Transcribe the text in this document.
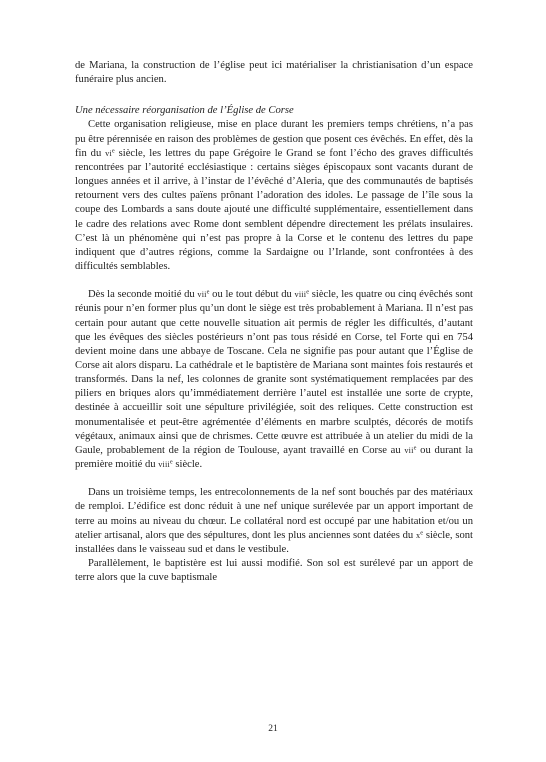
de Mariana, la construction de l’église peut ici matérialiser la christianisation d’un espace funéraire plus ancien.

Une nécessaire réorganisation de l’Église de Corse

Cette organisation religieuse, mise en place durant les premiers temps chrétiens, n’a pas pu être pérennisée en raison des problèmes de gestion que posent ces évêchés. En effet, dès la fin du $vi^e$ siècle, les lettres du pape Grégoire le Grand se font l’écho des graves difficultés rencontrées par l’autorité ecclésiastique : certains sièges épiscopaux sont vacants durant de longues années et il arrive, à l’instar de l’évêché d’Aleria, que des communautés de baptisés retournent vers des cultes païens prônant l’adoration des idoles. Le passage de l’île sous la coupe des Lombards a sans doute ajouté une difficulté supplémentaire, essentiellement dans le cadre des relations avec Rome dont semblent dépendre directement les prélats insulaires. C’est là un phénomène qui n’est pas propre à la Corse et le contenu des lettres du pape indiquent que d’autres régions, comme la Sardaigne ou l’Irlande, sont confrontées à des difficultés semblables.

Dès la seconde moitié du vii$^e$ ou le tout début du viii$^e$ siècle, les quatre ou cinq évêchés sont réunis pour n’en former plus qu’un dont le siège est très probablement à Mariana. Il n’est pas certain pour autant que cette nouvelle situation ait permis de régler les difficultés, d’autant que les évêques des siècles postérieurs n’ont pas tous résidé en Corse, tel Forte qui en 754 devient moine dans une abbaye de Toscane. Cela ne signifie pas pour autant que l’Église de Corse ait alors disparu. La cathédrale et le baptistère de Mariana sont maintes fois restaurés et transformés. Dans la nef, les colonnes de granite sont systématiquement remplacées par des piliers en briques alors qu’immédiatement derrière l’autel est installée une sorte de crypte, destinée à accueillir soit une sépulture privilégiée, soit des reliques. Cette construction est monumentalisée et peut-être agrémentée d’éléments en marbre sculptés, décorés de motifs végétaux, animaux ainsi que de chrismes. Cette œuvre est attribuée à un atelier du midi de la Gaule, probablement de la région de Toulouse, ayant travaillé en Corse au vii$^e$ ou durant la première moitié du viii$^e$ siècle.

Dans un troisième temps, les entrecolonnements de la nef sont bouchés par des matériaux de remploi. L’édifice est donc réduit à une nef unique surélevée par un apport important de terre au moins au niveau du chœur. Le collatéral nord est occupé par une habitation et/ou un atelier artisanal, alors que des sépultures, dont les plus anciennes sont datées du $x^e$ siècle, sont installées dans le vaisseau sud et dans le vestibule.

Parallèlement, le baptistère est lui aussi modifié. Son sol est surélevé par un apport de terre alors que la cuve baptismale

21
